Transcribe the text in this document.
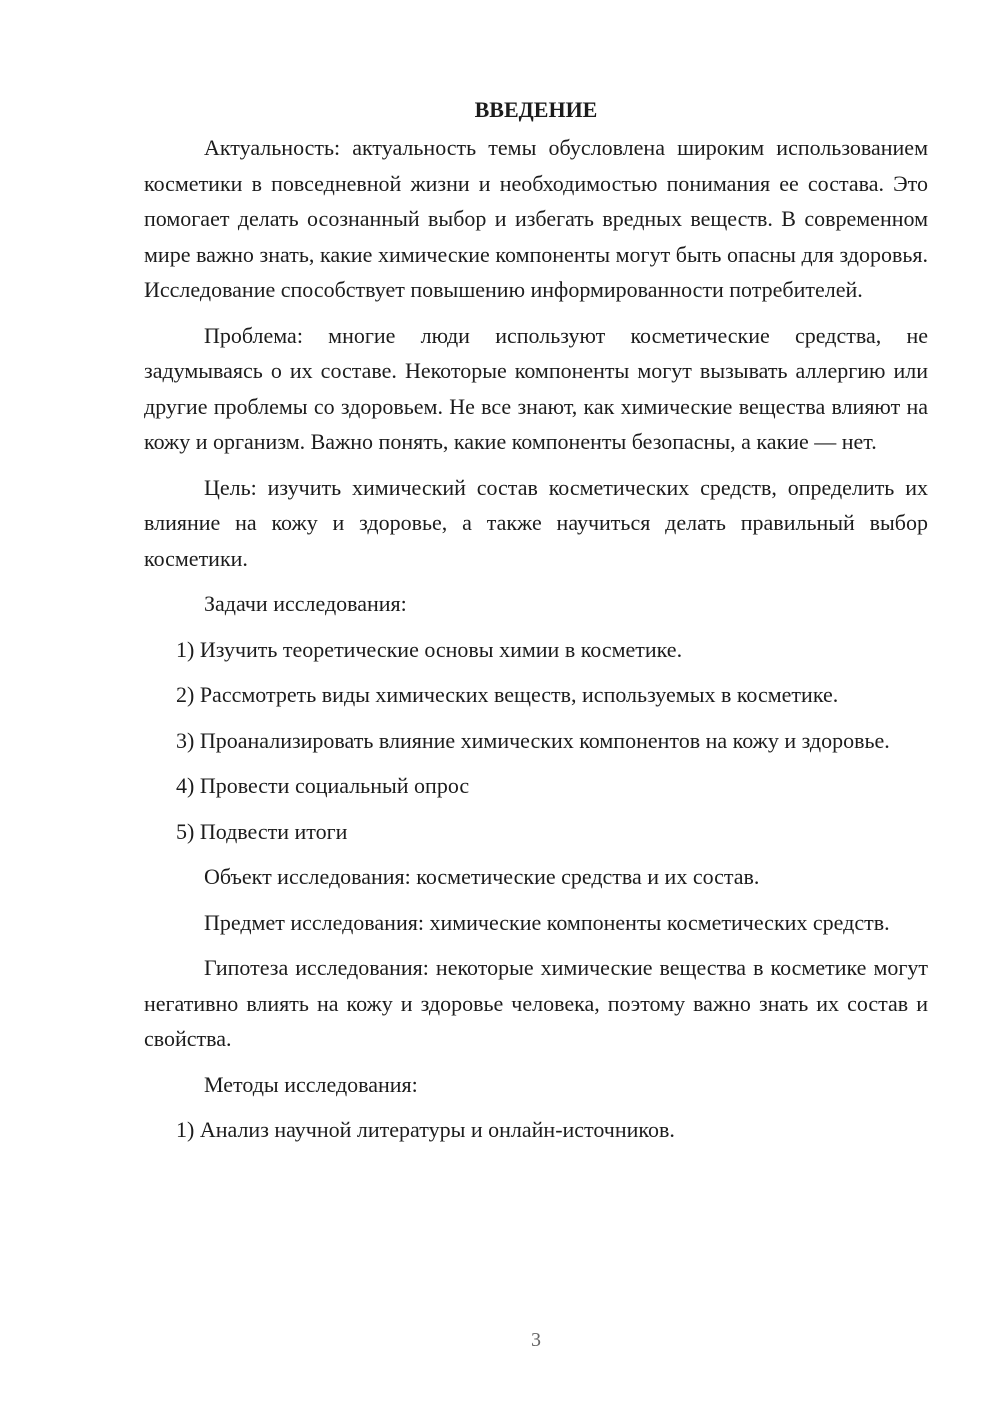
ВВЕДЕНИЕ

Актуальность: актуальность темы обусловлена широким использованием косметики в повседневной жизни и необходимостью понимания ее состава. Это помогает делать осознанный выбор и избегать вредных веществ. В современном мире важно знать, какие химические компоненты могут быть опасны для здоровья. Исследование способствует повышению информированности потребителей.

Проблема: многие люди используют косметические средства, не задумываясь о их составе. Некоторые компоненты могут вызывать аллергию или другие проблемы со здоровьем. Не все знают, как химические вещества влияют на кожу и организм. Важно понять, какие компоненты безопасны, а какие — нет.

Цель: изучить химический состав косметических средств, определить их влияние на кожу и здоровье, а также научиться делать правильный выбор косметики.

Задачи исследования:

1) Изучить теоретические основы химии в косметике.

2) Рассмотреть виды химических веществ, используемых в косметике.

3) Проанализировать влияние химических компонентов на кожу и здоровье.

4) Провести социальный опрос

5) Подвести итоги

Объект исследования: косметические средства и их состав.

Предмет исследования: химические компоненты косметических средств.

Гипотеза исследования: некоторые химические вещества в косметике могут негативно влиять на кожу и здоровье человека, поэтому важно знать их состав и свойства.

Методы исследования:

1) Анализ научной литературы и онлайн-источников.

3
